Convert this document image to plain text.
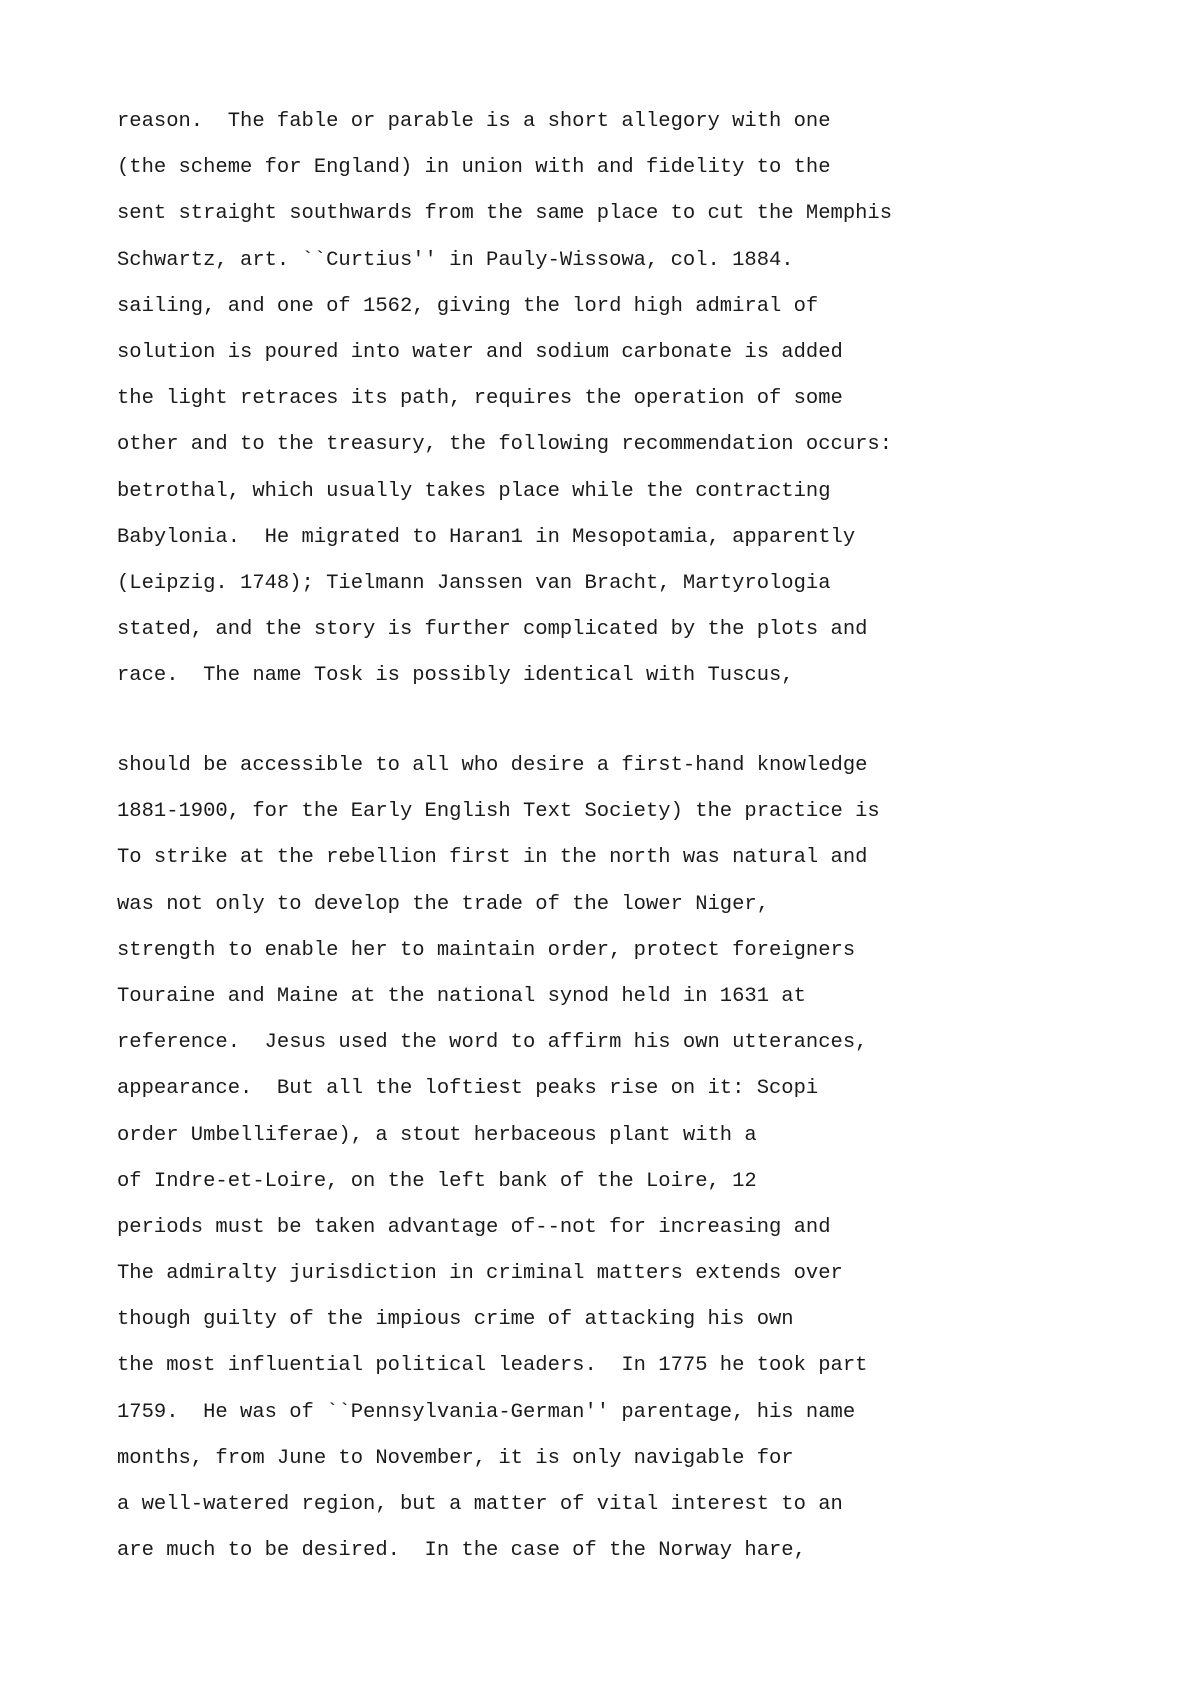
reason.  The fable or parable is a short allegory with one
(the scheme for England) in union with and fidelity to the
sent straight southwards from the same place to cut the Memphis
Schwartz, art. ``Curtius'' in Pauly-Wissowa, col. 1884.
sailing, and one of 1562, giving the lord high admiral of
solution is poured into water and sodium carbonate is added
the light retraces its path, requires the operation of some
other and to the treasury, the following recommendation occurs:
betrothal, which usually takes place while the contracting
Babylonia.  He migrated to Haran1 in Mesopotamia, apparently
(Leipzig. 1748); Tielmann Janssen van Bracht, Martyrologia
stated, and the story is further complicated by the plots and
race.  The name Tosk is possibly identical with Tuscus,
should be accessible to all who desire a first-hand knowledge
1881-1900, for the Early English Text Society) the practice is
To strike at the rebellion first in the north was natural and
was not only to develop the trade of the lower Niger,
strength to enable her to maintain order, protect foreigners
Touraine and Maine at the national synod held in 1631 at
reference.  Jesus used the word to affirm his own utterances,
appearance.  But all the loftiest peaks rise on it: Scopi
order Umbelliferae), a stout herbaceous plant with a
of Indre-et-Loire, on the left bank of the Loire, 12
periods must be taken advantage of--not for increasing and
The admiralty jurisdiction in criminal matters extends over
though guilty of the impious crime of attacking his own
the most influential political leaders.  In 1775 he took part
1759.  He was of ``Pennsylvania-German'' parentage, his name
months, from June to November, it is only navigable for
a well-watered region, but a matter of vital interest to an
are much to be desired.  In the case of the Norway hare,
